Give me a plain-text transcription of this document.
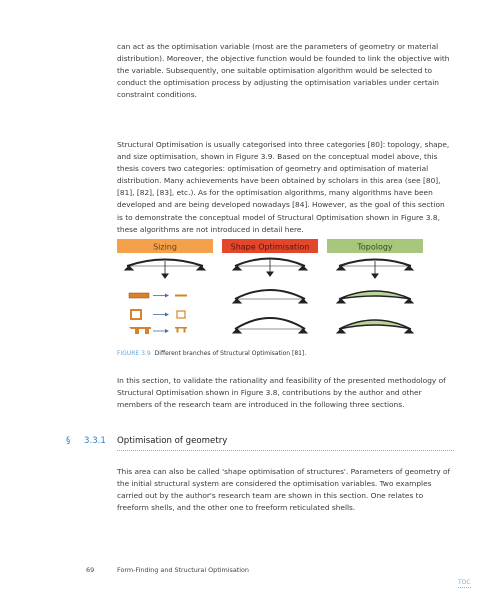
can act as the optimisation variable (most are the parameters of geometry or material distribution). Moreover, the objective function would be founded to link the objective with the variable. Subsequently, one suitable optimisation algorithm would be selected to conduct the optimisation process by adjusting the optimisation variables under certain constraint conditions.

Structural Optimisation is usually categorised into three categories [80]: topology, shape, and size optimisation, shown in Figure 3.9. Based on the conceptual model above, this thesis covers two categories: optimisation of geometry and optimisation of material distribution. Many achievements have been obtained by scholars in this area (see [80], [81], [82], [83], etc.). As for the optimisation algorithms, many algorithms have been developed and are being developed nowadays [84]. However, as the goal of this section is to demonstrate the conceptual model of Structural Optimisation shown in Figure 3.8, these algorithms are not introduced in detail here.

Sizing	Shape Optimisation	Topology
FIGURE 3.9 Different branches of Structural Optimisation [81].

In this section, to validate the rationality and feasibility of the presented methodology of Structural Optimisation shown in Figure 3.8, contributions by the author and other members of the research team are introduced in the following three sections.

§ 3.3.1 Optimisation of geometry

This area can also be called 'shape optimisation of structures'. Parameters of geometry of the initial structural system are considered the optimisation variables. Two examples carried out by the author's research team are shown in this section. One relates to freeform shells, and the other one to freeform reticulated shells.

69	Form-Finding and Structural Optimisation
TOC
